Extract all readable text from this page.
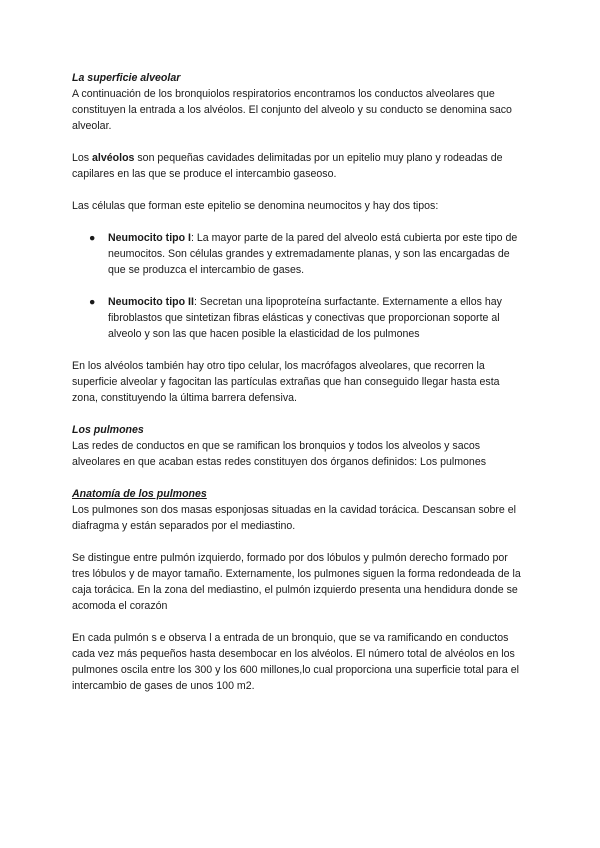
La superficie alveolar

A continuación de los bronquiolos respiratorios encontramos los conductos alveolares que constituyen la entrada a los alvéolos. El conjunto del alveolo y su conducto se denomina saco alveolar.

Los alvéolos son pequeñas cavidades delimitadas por un epitelio muy plano y rodeadas de capilares en las que se produce el intercambio gaseoso.

Las células que forman este epitelio se denomina neumocitos y hay dos tipos:

● Neumocito tipo I: La mayor parte de la pared del alveolo está cubierta por este tipo de neumocitos. Son células grandes y extremadamente planas, y son las encargadas de que se produzca el intercambio de gases.
● Neumocito tipo II: Secretan una lipoproteína surfactante. Externamente a ellos hay fibroblastos que sintetizan fibras elásticas y conectivas que proporcionan soporte al alveolo y son las que hacen posible la elasticidad de los pulmones

En los alvéolos también hay otro tipo celular, los macrófagos alveolares, que recorren la superficie alveolar y fagocitan las partículas extrañas que han conseguido llegar hasta esta zona, constituyendo la última barrera defensiva.

Los pulmones

Las redes de conductos en que se ramifican los bronquios y todos los alveolos y sacos alveolares en que acaban estas redes constituyen dos órganos definidos: Los pulmones

Anatomía de los pulmones

Los pulmones son dos masas esponjosas situadas en la cavidad torácica. Descansan sobre el diafragma y están separados por el mediastino.

Se distingue entre pulmón izquierdo, formado por dos lóbulos y pulmón derecho formado por tres lóbulos y de mayor tamaño. Externamente, los pulmones siguen la forma redondeada de la caja torácica. En la zona del mediastino, el pulmón izquierdo presenta una hendidura donde se acomoda el corazón

En cada pulmón s e observa l a entrada de un bronquio, que se va ramificando en conductos cada vez más pequeños hasta desembocar en los alvéolos. El número total de alvéolos en los pulmones oscila entre los 300 y los 600 millones,lo cual proporciona una superficie total para el intercambio de gases de unos 100 m2.
